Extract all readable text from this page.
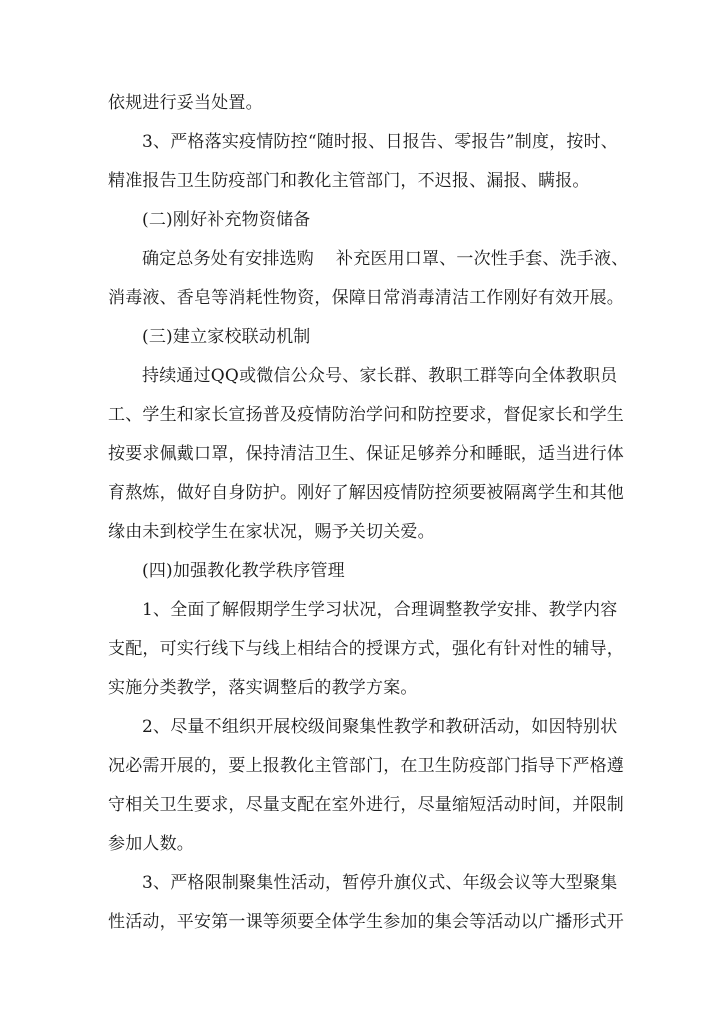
依规进行妥当处置。
3、严格落实疫情防控“随时报、日报告、零报告”制度，按时、
精准报告卫生防疫部门和教化主管部门，不迟报、漏报、瞒报。
(二)刚好补充物资储备
确定总务处有安排选购 补充医用口罩、一次性手套、洗手液、
消毒液、香皂等消耗性物资，保障日常消毒清洁工作刚好有效开展。
(三)建立家校联动机制
持续通过QQ或微信公众号、家长群、教职工群等向全体教职员
工、学生和家长宣扬普及疫情防治学问和防控要求，督促家长和学生
按要求佩戴口罩，保持清洁卫生、保证足够养分和睡眠，适当进行体
育熬炼，做好自身防护。刚好了解因疫情防控须要被隔离学生和其他
缘由未到校学生在家状况，赐予关切关爱。
(四)加强教化教学秩序管理
1、全面了解假期学生学习状况，合理调整教学安排、教学内容
支配，可实行线下与线上相结合的授课方式，强化有针对性的辅导，
实施分类教学，落实调整后的教学方案。
2、尽量不组织开展校级间聚集性教学和教研活动，如因特别状
况必需开展的，要上报教化主管部门，在卫生防疫部门指导下严格遵
守相关卫生要求，尽量支配在室外进行，尽量缩短活动时间，并限制
参加人数。
3、严格限制聚集性活动，暂停升旗仪式、年级会议等大型聚集
性活动，平安第一课等须要全体学生参加的集会等活动以广播形式开
